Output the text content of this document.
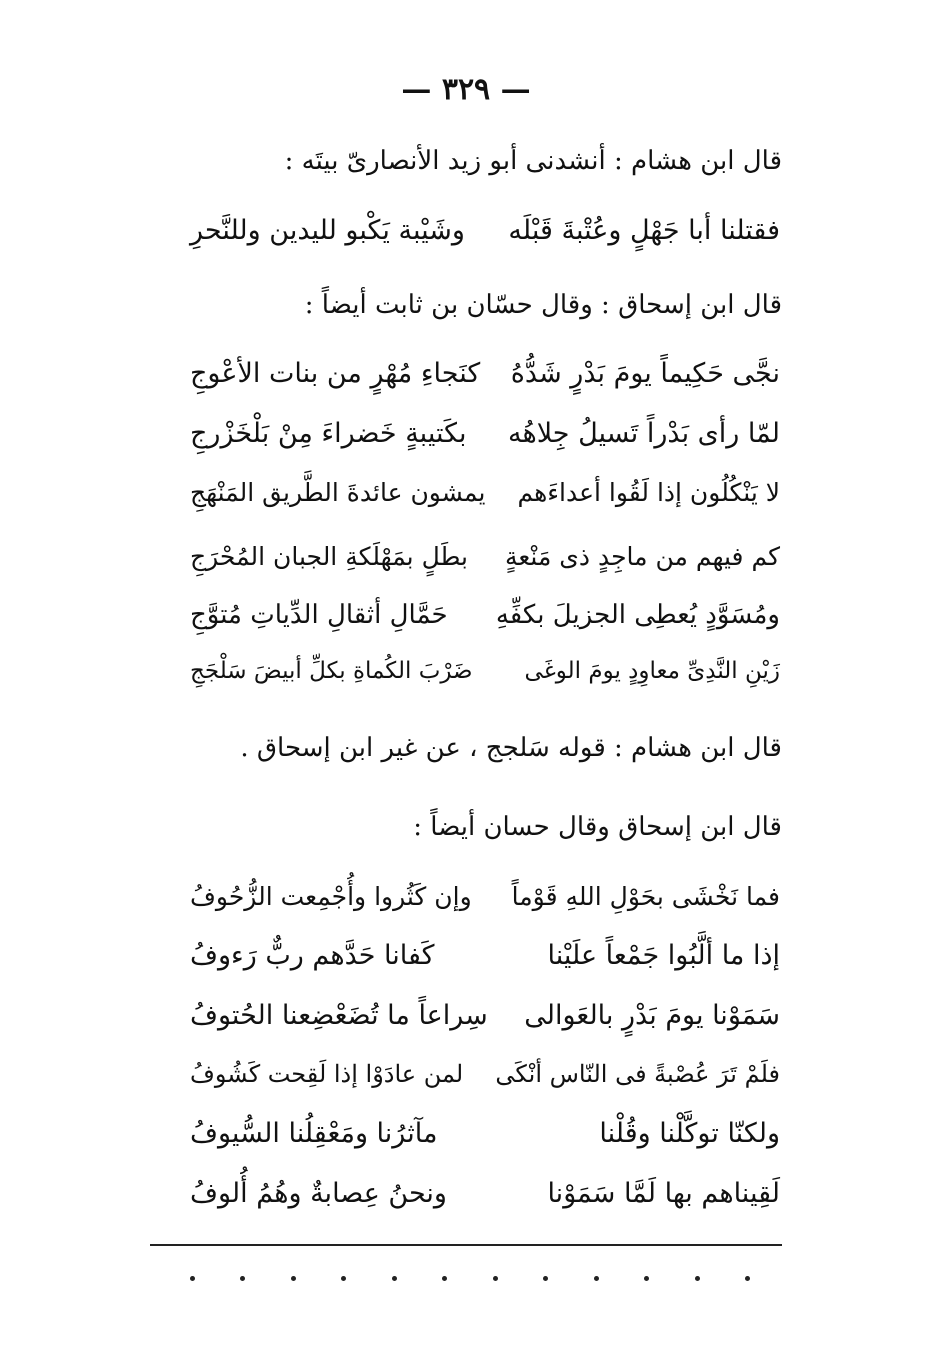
— ٣٢٩ —
قال ابن هشام : أنشدنى أبو زيد الأنصارىّ بيتَه :
فقتلنا أبا جَهْلٍ وعُتْبةَ قَبْلَه
وشَيْبة يَكْبو لليدين وللنَّحرِ
قال ابن إسحاق : وقال حسّان بن ثابت أيضاً :
نجَّى حَكِيماً يومَ بَدْرٍ شَدُّهُ
كنَجاءِ مُهْرٍ من بنات الأعْوجِ
لمّا رأى بَدْراً تَسيلُ جِلاهُه
بكَتيبةٍ خَضراءَ مِنْ بَلْخَزْرجِ
لا يَنْكُلُون إذا لَقُوا أعداءَهم
يمشون عائدةَ الطَّريق المَنْهَجِ
كم فيهم من ماجِدٍ ذى مَنْعةٍ
بطَلٍ بمَهْلَكةِ الجبان المُحْرَجِ
ومُسَوَّدٍ يُعطِى الجزيلَ بكفِّهِ
حَمَّالِ أثقالِ الدِّياتِ مُتوَّجِ
زَيْنِ النَّدِىِّ معاوِدٍ يومَ الوغَى
ضَرْبَ الكُماةِ بكلِّ أبيضَ سَلْجَجِ
قال ابن هشام : قوله سَلجج ، عن غير ابن إسحاق .
قال ابن إسحاق وقال حسان أيضاً :
فما نَخْشَى بحَوْلِ اللهِ قَوْماً
وإن كَثُروا وأُجْمِعت الزُّحُوفُ
إذا ما ألَّبُوا جَمْعاً علَيْنا
كَفانا حَدَّهم ربٌّ رَءوفُ
سَمَوْنا يومَ بَدْرٍ بالعَوالى
سِراعاً ما تُضَعْضِعنا الحُتوفُ
فلَمْ تَرَ عُصْبةً فى النّاس أنْكَى
لمن عادَوْا إذا لَقِحت كَشُوفُ
ولكنّا توكَّلْنا وقُلْنا
مآثرُنا ومَعْقِلُنا السُّيوفُ
لَقِيناهم بها لَمَّا سَمَوْنا
ونحنُ عِصابةٌ وهُمُ أُلوفُ
